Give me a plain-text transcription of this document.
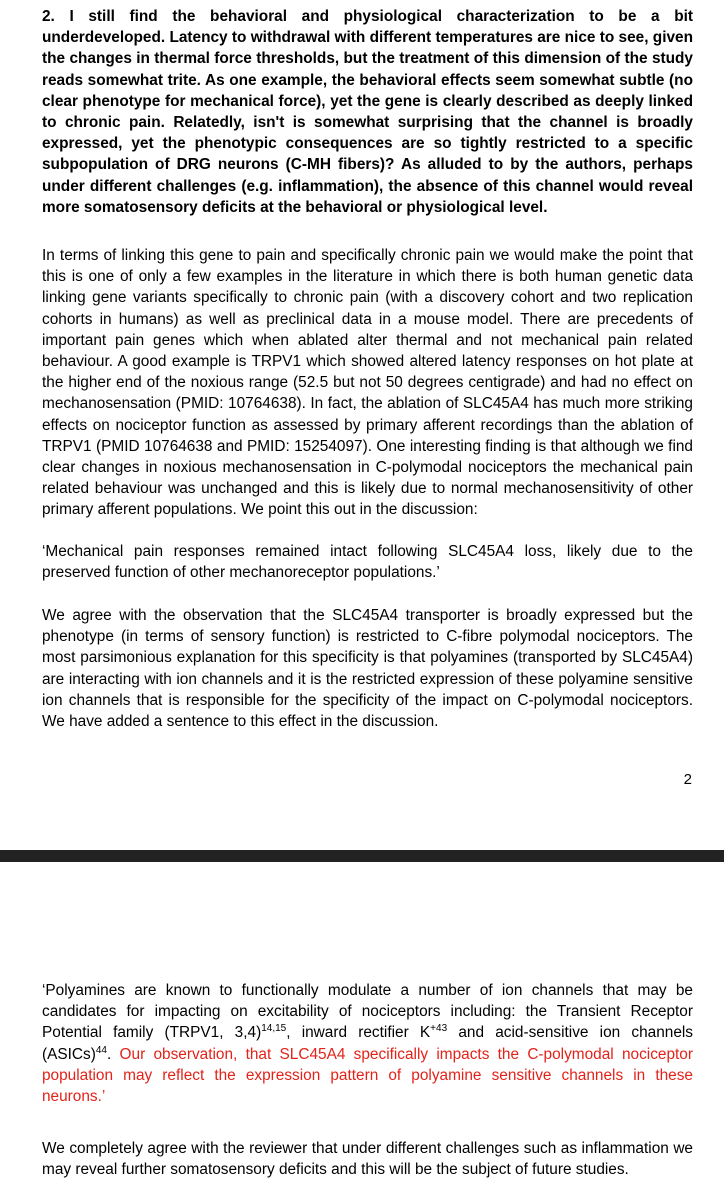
2. I still find the behavioral and physiological characterization to be a bit underdeveloped. Latency to withdrawal with different temperatures are nice to see, given the changes in thermal force thresholds, but the treatment of this dimension of the study reads somewhat trite. As one example, the behavioral effects seem somewhat subtle (no clear phenotype for mechanical force), yet the gene is clearly described as deeply linked to chronic pain. Relatedly, isn't is somewhat surprising that the channel is broadly expressed, yet the phenotypic consequences are so tightly restricted to a specific subpopulation of DRG neurons (C-MH fibers)? As alluded to by the authors, perhaps under different challenges (e.g. inflammation), the absence of this channel would reveal more somatosensory deficits at the behavioral or physiological level.

In terms of linking this gene to pain and specifically chronic pain we would make the point that this is one of only a few examples in the literature in which there is both human genetic data linking gene variants specifically to chronic pain (with a discovery cohort and two replication cohorts in humans) as well as preclinical data in a mouse model. There are precedents of important pain genes which when ablated alter thermal and not mechanical pain related behaviour. A good example is TRPV1 which showed altered latency responses on hot plate at the higher end of the noxious range (52.5 but not 50 degrees centigrade) and had no effect on mechanosensation (PMID: 10764638). In fact, the ablation of SLC45A4 has much more striking effects on nociceptor function as assessed by primary afferent recordings than the ablation of TRPV1 (PMID 10764638 and PMID: 15254097). One interesting finding is that although we find clear changes in noxious mechanosensation in C-polymodal nociceptors the mechanical pain related behaviour was unchanged and this is likely due to normal mechanosensitivity of other primary afferent populations. We point this out in the discussion:

‘Mechanical pain responses remained intact following SLC45A4 loss, likely due to the preserved function of other mechanoreceptor populations.’

We agree with the observation that the SLC45A4 transporter is broadly expressed but the phenotype (in terms of sensory function) is restricted to C-fibre polymodal nociceptors. The most parsimonious explanation for this specificity is that polyamines (transported by SLC45A4) are interacting with ion channels and it is the restricted expression of these polyamine sensitive ion channels that is responsible for the specificity of the impact on C-polymodal nociceptors. We have added a sentence to this effect in the discussion.

2

‘Polyamines are known to functionally modulate a number of ion channels that may be candidates for impacting on excitability of nociceptors including: the Transient Receptor Potential family (TRPV1, 3,4)$^{14,15}$, inward rectifier $K^{+43}$ and acid-sensitive ion channels (ASICs)$^{44}$. Our observation, that SLC45A4 specifically impacts the C-polymodal nociceptor population may reflect the expression pattern of polyamine sensitive channels in these neurons.’

We completely agree with the reviewer that under different challenges such as inflammation we may reveal further somatosensory deficits and this will be the subject of future studies.
